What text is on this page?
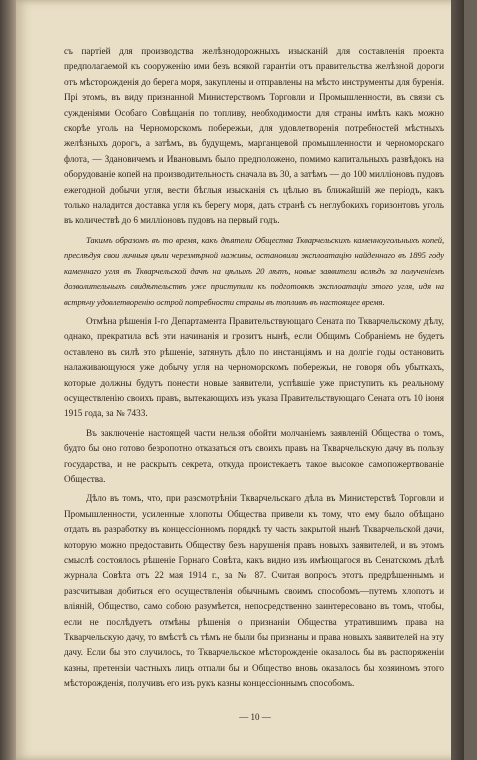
съ партiей для производства желѣзнодорожныхъ изысканiй для составленiя проекта предполагаемой къ сооруженiю ими безъ всякой гарантiи отъ правительства желѣзной дороги отъ мѣсторожденiя до берега моря, закуплены и отправлены на мѣсто инструменты для буренiя. Прi этомъ, въ виду признанной Министерствомъ Торговли и Промышленности, въ связи съ сужденiями Особаго Совѣщанiя по топливу, необходимости для страны имѣть какъ можно скорѣе уголь на Черноморскомъ побережьи, для удовлетворенiя потребностей мѣстныхъ желѣзныхъ дорогъ, а затѣмъ, въ будущемъ, марганцевой промышленности и черноморскаго флота, — Здановичемъ и Ивановымъ было предположено, помимо капитальныхъ развѣдокъ на оборудованiе копей на производительность сначала въ 30, а затѣмъ — до 100 миллiоновъ пудовъ ежегодной добычи угля, вести бѣглыя изысканiя съ цѣлью въ ближайшiй же перiодъ, какъ только наладится доставка угля къ берегу моря, дать странѣ съ неглубокихъ горизонтовъ уголь въ количествѣ до 6 миллiоновъ пудовъ на первый годъ.

Такимъ образомъ въ то время, какъ дѣятели Общества Ткварчельскихъ каменноугольныхъ копей, преслѣдуя свои личныя цѣли черезмѣрной наживы, остановили эксплоатацiю найденнаго въ 1895 году каменнаго угля въ Ткварчельской дачѣ на цѣлыхъ 20 лѣтъ, новые заявители вслѣдъ за полученiемъ дозволительныхъ свидѣтельствъ уже приступили къ подготовкѣ эксплоатацiи этого угля, идя на встрѣчу удовлетворенiю острой потребности страны въ топливѣ въ настоящее время.

Отмѣна рѣшенiя I-го Департамента Правительствующаго Сената по Ткварчельскому дѣлу, однако, прекратила всѣ эти начинанiя и грозитъ нынѣ, если Общимъ Собранiемъ не будетъ оставлено въ силѣ это рѣшенiе, затянуть дѣло по инстанцiямъ и на долгiе годы остановить налаживающуюся уже добычу угля на черноморскомъ побережьи, не говоря объ убыткахъ, которые должны будутъ понести новые заявители, успѣвшiе уже приступить къ реальному осуществленiю своихъ правъ, вытекающихъ изъ указа Правительствующаго Сената отъ 10 iюня 1915 года, за № 7433.

Въ заключенiе настоящей части нельзя обойти молчанiемъ заявленiй Общества о томъ, будто бы оно готово безропотно отказаться отъ своихъ правъ на Ткварчельскую дачу въ пользу государства, и не раскрыть секрета, откуда проистекаетъ такое высокое самопожертвованiе Общества.

Дѣло въ томъ, что, при разсмотрѣнiи Ткварчельскаго дѣла въ Министерствѣ Торговли и Промышленности, усиленные хлопоты Общества привели къ тому, что ему было обѣщано отдать въ разработку въ концессiонномъ порядкѣ ту часть закрытой нынѣ Ткварчельской дачи, которую можно предоставить Обществу безъ нарушенiя правъ новыхъ заявителей, и въ этомъ смыслѣ состоялось рѣшенiе Горнаго Совѣта, какъ видно изъ имѣющагося въ Сенатскомъ дѣлѣ журнала Совѣта отъ 22 мая 1914 г., за № 87. Считая вопросъ этотъ предрѣшеннымъ и разсчитывая добиться его осуществленiя обычнымъ своимъ способомъ—путемъ хлопотъ и влiянiй, Общество, само собою разумѣется, непосредственно заинтересовано въ томъ, чтобы, если не послѣдуетъ отмѣны рѣшенiя о признанiи Общества утратившимъ права на Ткварчельскую дачу, то вмѣстѣ съ тѣмъ не были бы признаны и права новыхъ заявителей на эту дачу. Если бы это случилось, то Ткварчельское мѣсторожденiе оказалось бы въ распоряженiи казны, претензiи частныхъ лицъ отпали бы и Общество вновь оказалось бы хозяиномъ этого мѣсторожденiя, получивъ его изъ рукъ казны концессiоннымъ способомъ.

— 10 —
